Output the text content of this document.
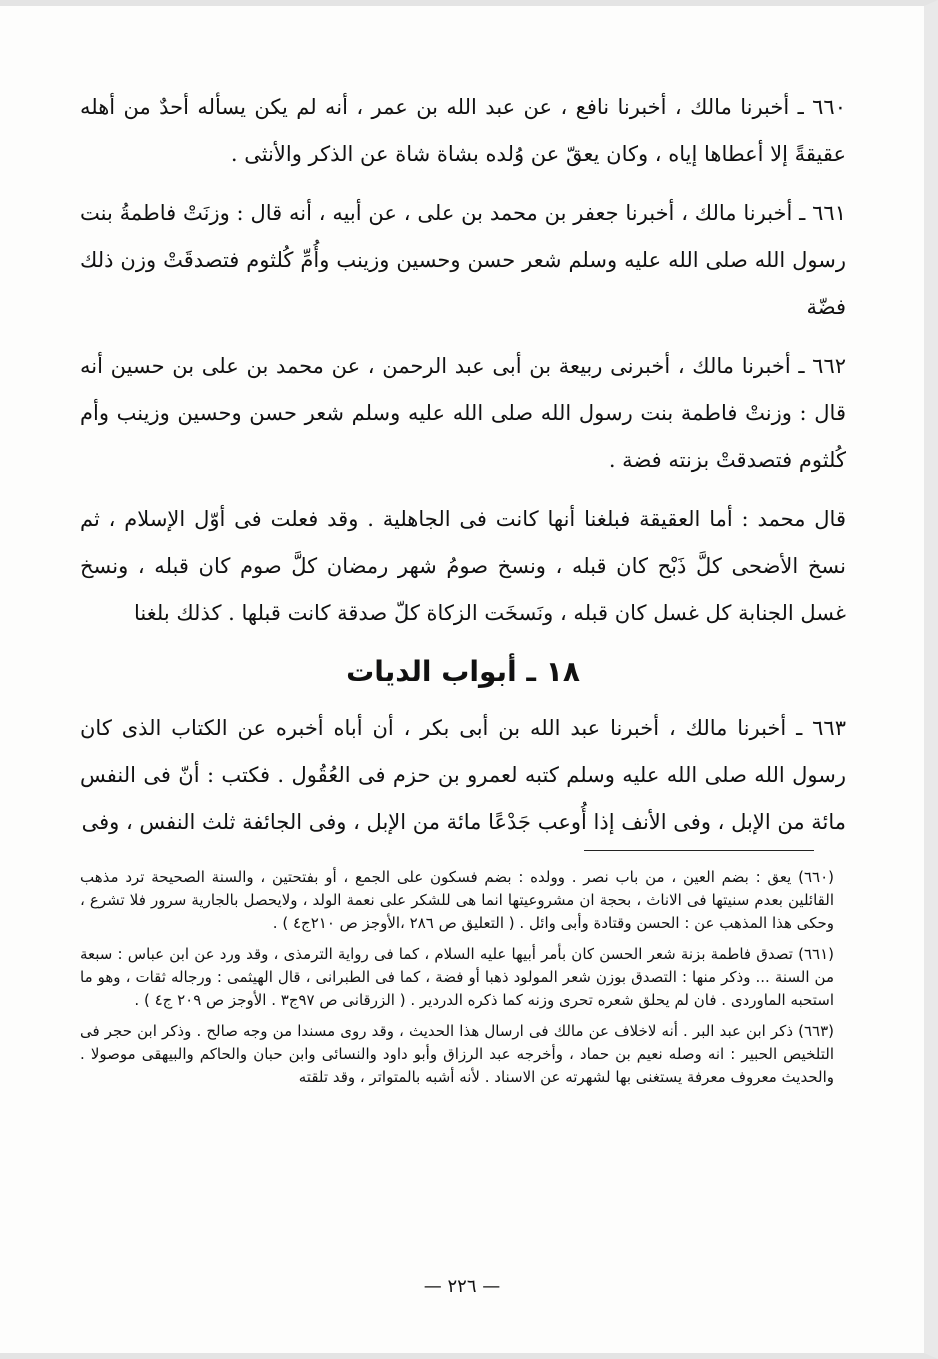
٦٦٠ ـ أخبرنا مالك ، أخبرنا نافع ، عن عبد الله بن عمر ، أنه لم يكن يسأله أحدٌ من أهله عقيقةً إلا أعطاها إياه ، وكان يعقّ عن وُلده بشاة شاة عن الذكر والأنثى .

٦٦١ ـ أخبرنا مالك ، أخبرنا جعفر بن محمد بن على ، عن أبيه ، أنه قال : وزنَتْ فاطمةُ بنت رسول الله صلى الله عليه وسلم شعر حسن وحسين وزينب وأُمِّ كُلثوم فتصدقَتْ وزن ذلك فضّة

٦٦٢ ـ أخبرنا مالك ، أخبرنى ربيعة بن أبى عبد الرحمن ، عن محمد بن على بن حسين أنه قال : وزنتْ فاطمة بنت رسول الله صلى الله عليه وسلم شعر حسن وحسين وزينب وأم كُلثوم فتصدقتْ بزنته فضة .

قال محمد : أما العقيقة فبلغنا أنها كانت فى الجاهلية . وقد فعلت فى أوّل الإسلام ، ثم نسخ الأضحى كلَّ ذَبْح كان قبله ، ونسخ صومُ شهر رمضان كلَّ صوم كان قبله ، ونسخ غسل الجنابة كل غسل كان قبله ، ونَسخَت الزكاة كلّ صدقة كانت قبلها . كذلك بلغنا

١٨ ـ أبواب الديات

٦٦٣ ـ أخبرنا مالك ، أخبرنا عبد الله بن أبى بكر ، أن أباه أخبره عن الكتاب الذى كان رسول الله صلى الله عليه وسلم كتبه لعمرو بن حزم فى العُقُول . فكتب : أنّ فى النفس مائة من الإبل ، وفى الأنف إذا أُوعب جَدْعًا مائة من الإبل ، وفى الجائفة ثلث النفس ، وفى

(٦٦٠) يعق : بضم العين ، من باب نصر . وولده : بضم فسكون على الجمع ، أو بفتحتين ، والسنة الصحيحة ترد مذهب القائلين بعدم سنيتها فى الاناث ، بحجة ان مشروعيتها انما هى للشكر على نعمة الولد ، ولايحصل بالجارية سرور فلا تشرع ، وحكى هذا المذهب عن : الحسن وقتادة وأبى وائل . ( التعليق ص ٢٨٦ ،الأوجز ص ٢١٠ج٤ ) .

(٦٦١) تصدق فاطمة بزنة شعر الحسن كان بأمر أبيها عليه السلام ، كما فى رواية الترمذى ، وقد ورد عن ابن عباس : سبعة من السنة ... وذكر منها : التصدق بوزن شعر المولود ذهبا أو فضة ، كما فى الطبرانى ، قال الهيثمى : ورجاله ثقات ، وهو ما استحبه الماوردى . فان لم يحلق شعره تحرى وزنه كما ذكره الدردير . ( الزرقانى ص ٩٧ج٣ . الأوجز ص ٢٠٩ ج٤ ) .

(٦٦٣) ذكر ابن عبد البر . أنه لاخلاف عن مالك فى ارسال هذا الحديث ، وقد روى مسندا من وجه صالح . وذكر ابن حجر فى التلخيص الحبير : انه وصله نعيم بن حماد ، وأخرجه عبد الرزاق وأبو داود والنسائى وابن حبان والحاكم والبيهقى موصولا . والحديث معروف معرفة يستغنى بها لشهرته عن الاسناد . لأنه أشبه بالمتواتر ، وقد تلقته

— ٢٢٦ —
